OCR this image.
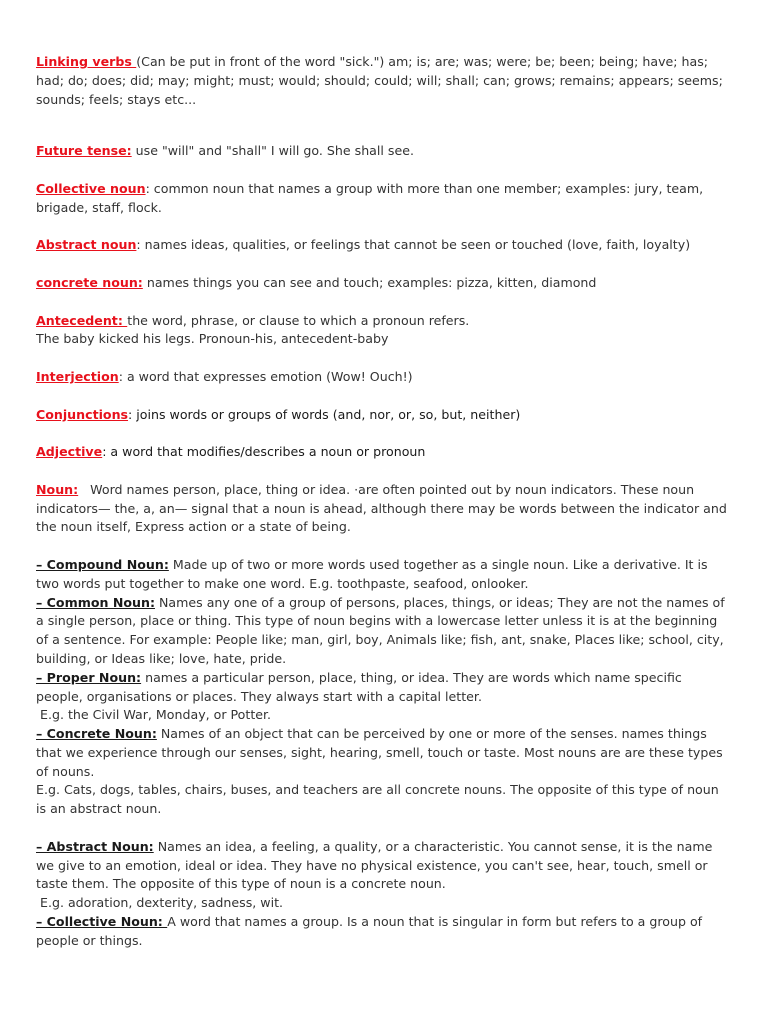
Linking verbs (Can be put in front of the word "sick.") am; is; are; was; were; be; been; being; have; has; had; do; does; did; may; might; must; would; should; could; will; shall; can; grows; remains; appears; seems; sounds; feels; stays etc...

Future tense: use "will" and "shall" I will go. She shall see.

Collective noun: common noun that names a group with more than one member; examples: jury, team, brigade, staff, flock.

Abstract noun: names ideas, qualities, or feelings that cannot be seen or touched (love, faith, loyalty)

concrete noun: names things you can see and touch; examples: pizza, kitten, diamond

Antecedent: the word, phrase, or clause to which a pronoun refers.

The baby kicked his legs. Pronoun-his, antecedent-baby

Interjection: a word that expresses emotion (Wow! Ouch!)

Conjunctions: joins words or groups of words (and, nor, or, so, but, neither)

Adjective: a word that modifies/describes a noun or pronoun

Noun:   Word names person, place, thing or idea. ·are often pointed out by noun indicators. These noun indicators— the, a, an— signal that a noun is ahead, although there may be words between the indicator and the noun itself, Express action or a state of being.

– Compound Noun: Made up of two or more words used together as a single noun. Like a derivative. It is two words put together to make one word. E.g. toothpaste, seafood, onlooker.

– Common Noun: Names any one of a group of persons, places, things, or ideas; They are not the names of a single person, place or thing. This type of noun begins with a lowercase letter unless it is at the beginning of a sentence. For example: People like; man, girl, boy, Animals like; fish, ant, snake, Places like; school, city, building, or Ideas like; love, hate, pride.

– Proper Noun: names a particular person, place, thing, or idea. They are words which name specific people, organisations or places. They always start with a capital letter.

E.g. the Civil War, Monday, or Potter.

– Concrete Noun: Names of an object that can be perceived by one or more of the senses. names things that we experience through our senses, sight, hearing, smell, touch or taste. Most nouns are are these types of nouns.

E.g. Cats, dogs, tables, chairs, buses, and teachers are all concrete nouns. The opposite of this type of noun is an abstract noun.

– Abstract Noun: Names an idea, a feeling, a quality, or a characteristic. You cannot sense, it is the name we give to an emotion, ideal or idea. They have no physical existence, you can't see, hear, touch, smell or taste them. The opposite of this type of noun is a concrete noun.

E.g. adoration, dexterity, sadness, wit.

– Collective Noun: A word that names a group. Is a noun that is singular in form but refers to a group of people or things.
